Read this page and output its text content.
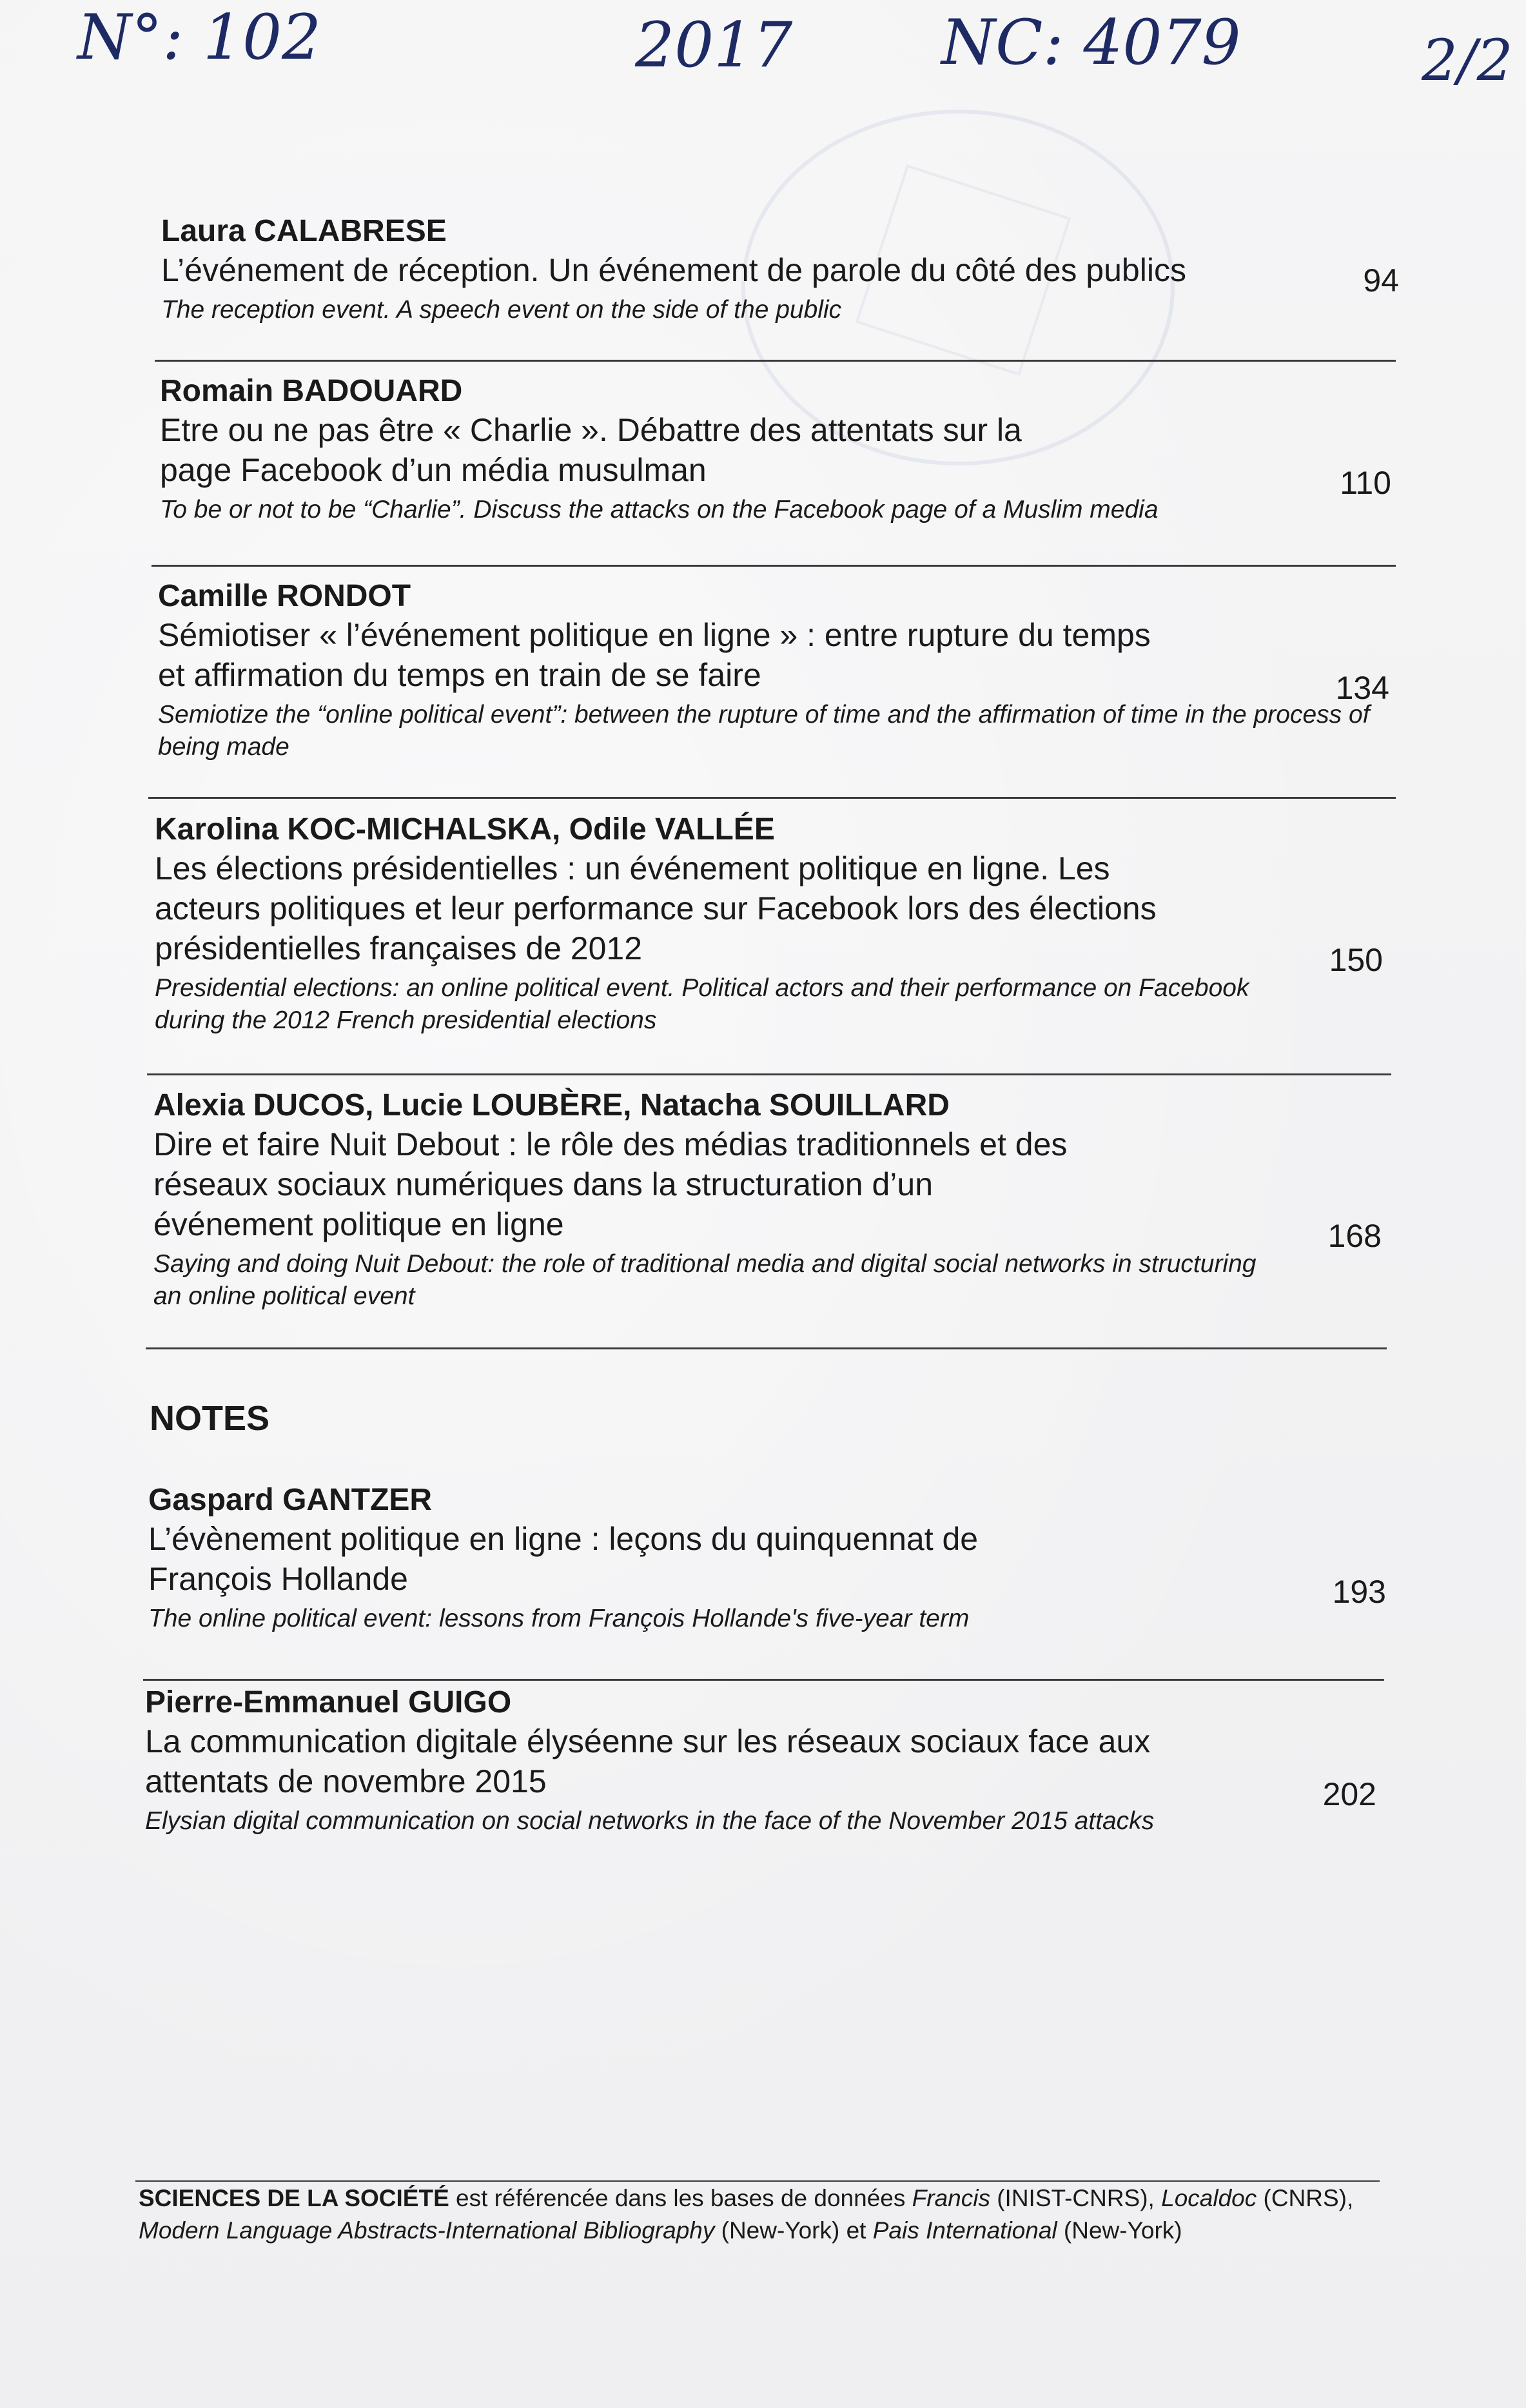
N°: 102	2017 NC: 4079	2/2
Laura CALABRESE
L’événement de réception. Un événement de parole du côté des publics
The reception event. A speech event on the side of the public
94
Romain BADOUARD
Etre ou ne pas être « Charlie ». Débattre des attentats sur la page Facebook d’un média musulman
To be or not to be “Charlie”. Discuss the attacks on the Facebook page of a Muslim media
110
Camille RONDOT
Sémiotiser « l’événement politique en ligne » : entre rupture du temps et affirmation du temps en train de se faire
Semiotize the “online political event”: between the rupture of time and the affirmation of time in the process of being made
134
Karolina KOC-MICHALSKA, Odile VALLÉE
Les élections présidentielles : un événement politique en ligne. Les acteurs politiques et leur performance sur Facebook lors des élections présidentielles françaises de 2012
Presidential elections: an online political event. Political actors and their performance on Facebook during the 2012 French presidential elections
150
Alexia DUCOS, Lucie LOUBÈRE, Natacha SOUILLARD
Dire et faire Nuit Debout : le rôle des médias traditionnels et des réseaux sociaux numériques dans la structuration d’un événement politique en ligne
Saying and doing Nuit Debout: the role of traditional media and digital social networks in structuring an online political event
168
NOTES
Gaspard GANTZER
L’évènement politique en ligne : leçons du quinquennat de François Hollande
The online political event: lessons from François Hollande's five-year term
193
Pierre-Emmanuel GUIGO
La communication digitale élyséenne sur les réseaux sociaux face aux attentats de novembre 2015
Elysian digital communication on social networks in the face of the November 2015 attacks
202
SCIENCES DE LA SOCIÉTÉ est référencée dans les bases de données Francis (INIST-CNRS), Localdoc (CNRS), Modern Language Abstracts-International Bibliography (New-York) et Pais International (New-York)
